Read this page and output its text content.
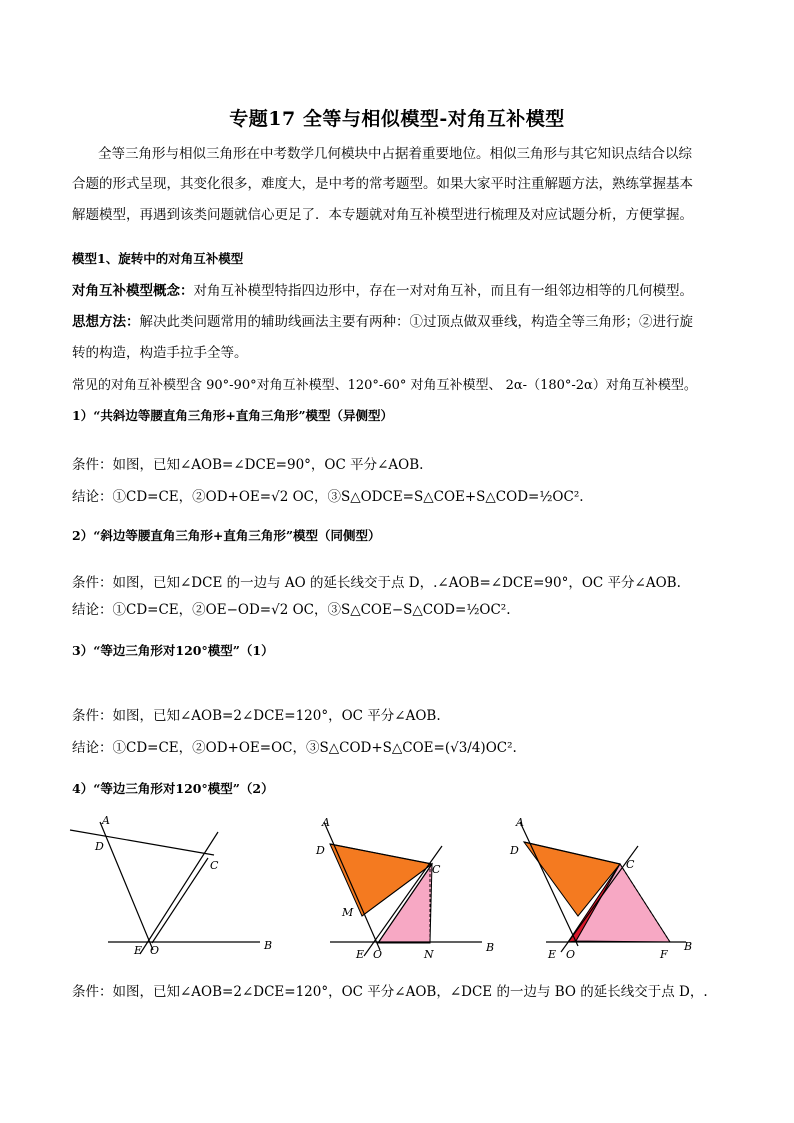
专题17 全等与相似模型-对角互补模型
全等三角形与相似三角形在中考数学几何模块中占据着重要地位。相似三角形与其它知识点结合以综
合题的形式呈现，其变化很多，难度大，是中考的常考题型。如果大家平时注重解题方法，熟练掌握基本
解题模型，再遇到该类问题就信心更足了．本专题就对角互补模型进行梳理及对应试题分析，方便掌握。
模型1、旋转中的对角互补模型
对角互补模型概念：对角互补模型特指四边形中，存在一对对角互补，而且有一组邻边相等的几何模型。
思想方法：解决此类问题常用的辅助线画法主要有两种：①过顶点做双垂线，构造全等三角形；②进行旋
转的构造，构造手拉手全等。
常见的对角互补模型含 90°-90°对角互补模型、120°-60° 对角互补模型、 2α-（180°-2α）对角互补模型。
1）“共斜边等腰直角三角形+直角三角形”模型（异侧型）
条件：如图，已知∠AOB=∠DCE=90°，OC 平分∠AOB.
结论：①CD=CE，②OD+OE=√2 OC，③S△ODCE=S△COE+S△COD=½OC².
2）“斜边等腰直角三角形+直角三角形”模型（同侧型）
条件：如图，已知∠DCE 的一边与 AO 的延长线交于点 D，.∠AOB=∠DCE=90°，OC 平分∠AOB.
结论：①CD=CE，②OE−OD=√2 OC，③S△COE−S△COD=½OC².
3）“等边三角形对120°模型”（1）
条件：如图，已知∠AOB=2∠DCE=120°，OC 平分∠AOB.
结论：①CD=CE，②OD+OE=OC，③S△COD+S△COE=(√3/4)OC².
4）“等边三角形对120°模型”（2）
A
D
C
E O	B
A
D
C
M
E O	N
B
A
D
C
E O	F
B
条件：如图，已知∠AOB=2∠DCE=120°，OC 平分∠AOB，∠DCE 的一边与 BO 的延长线交于点 D，.
